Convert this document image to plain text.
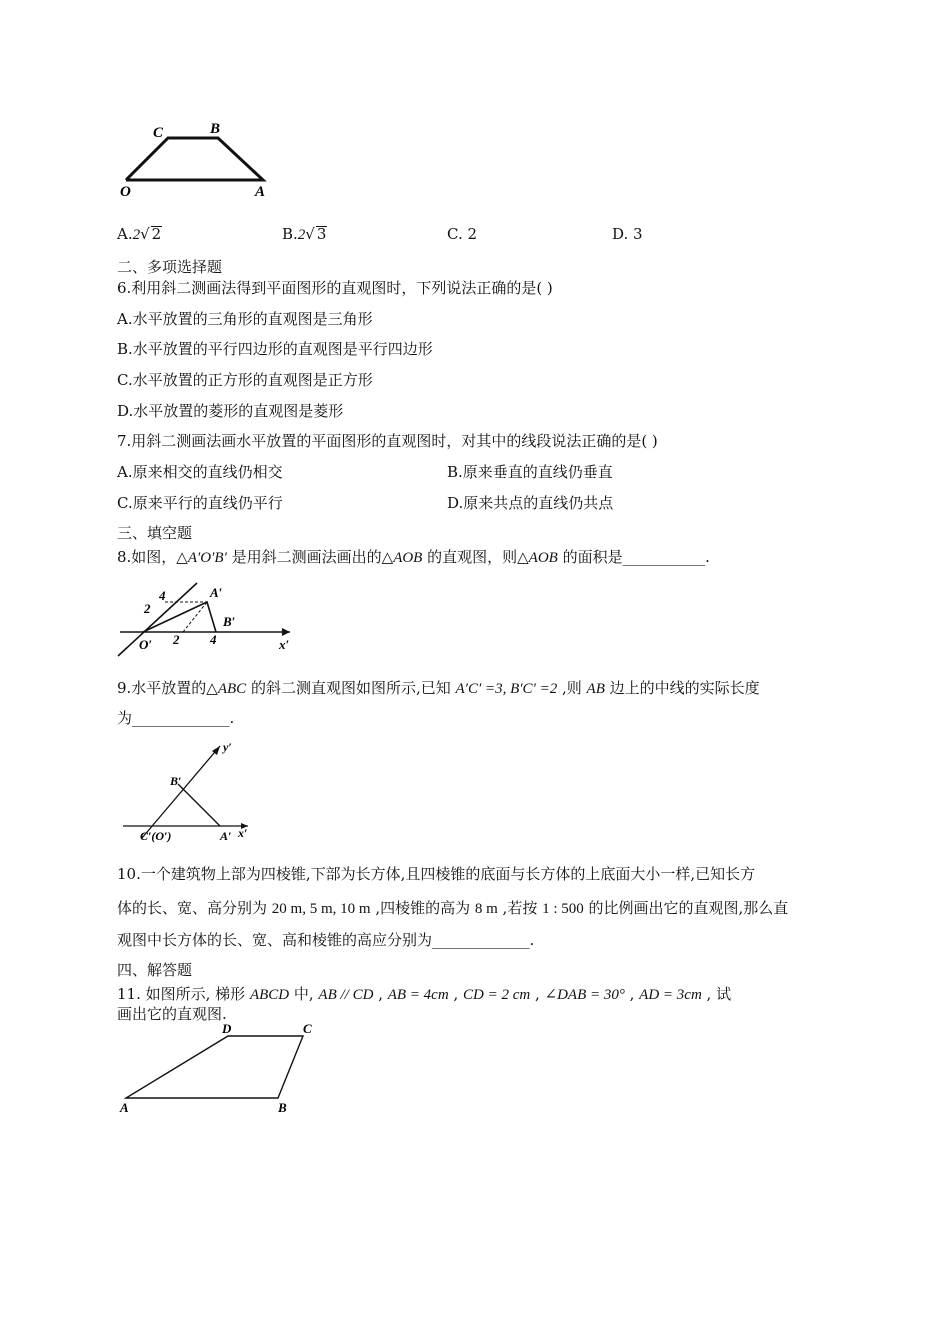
C	B
O	A
A.2√ 2	B.2√ 3	C. 2	D. 3
二、多项选择题
6.利用斜二测画法得到平面图形的直观图时，下列说法正确的是( )
A.水平放置的三角形的直观图是三角形
B.水平放置的平行四边形的直观图是平行四边形
C.水平放置的正方形的直观图是正方形
D.水平放置的菱形的直观图是菱形
7.用斜二测画法画水平放置的平面图形的直观图时，对其中的线段说法正确的是( )
A.原来相交的直线仍相交	B.原来垂直的直线仍垂直
C.原来平行的直线仍平行	D.原来共点的直线仍共点
三、填空题
8.如图，△A′O′B′ 是用斜二测画法画出的△AOB 的直观图，则△AOB 的面积是___________.
4
2
A′
B′
O′ 2 4	x′
9.水平放置的△ABC 的斜二测直观图如图所示,已知 A′C′ =3, B′C′ =2 ,则 AB 边上的中线的实际长度
为_____________.
y′
B′
C′(O′)	A′ x′
10.一个建筑物上部为四棱锥,下部为长方体,且四棱锥的底面与长方体的上底面大小一样,已知长方
体的长、宽、高分别为 20 m, 5 m, 10 m ,四棱锥的高为 8 m ,若按 1 : 500 的比例画出它的直观图,那么直
观图中长方体的长、宽、高和棱锥的高应分别为_____________.
四、解答题
11. 如图所示, 梯形 ABCD 中, AB // CD , AB = 4cm , CD = 2 cm , ∠DAB = 30° , AD = 3cm , 试
画出它的直观图.
D	C
A	B
